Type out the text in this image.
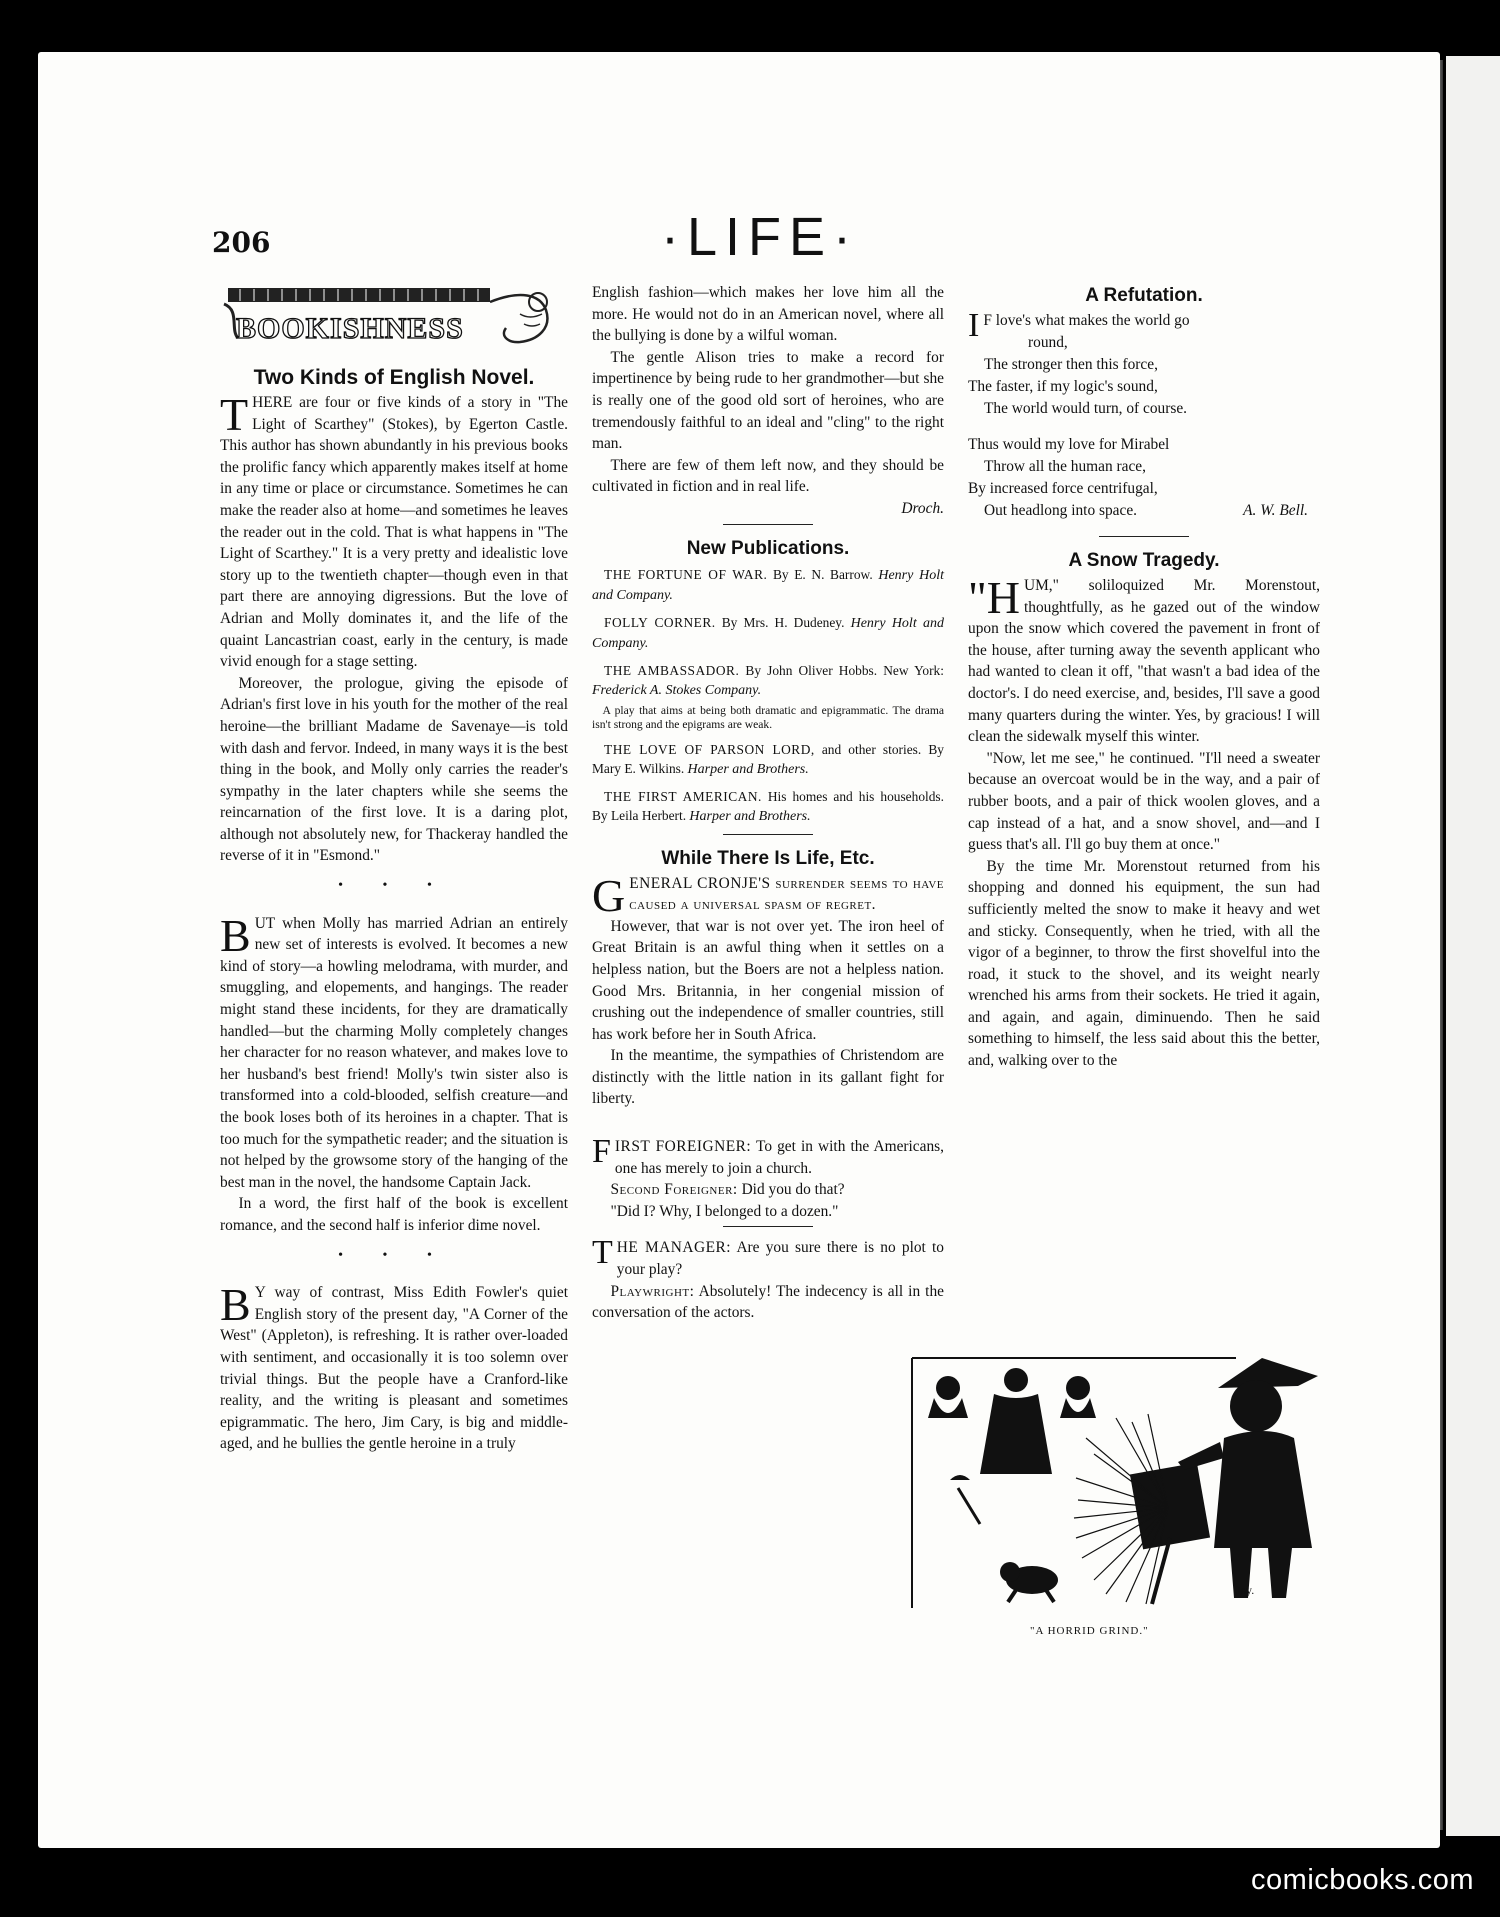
206	·LIFE·
BOOKISHNESS
Two Kinds of English Novel.

THERE are four or five kinds of a story in "The Light of Scarthey" (Stokes), by Egerton Castle. This author has shown abundantly in his previous books the prolific fancy which apparently makes itself at home in any time or place or circumstance. Sometimes he can make the reader also at home—and sometimes he leaves the reader out in the cold. That is what happens in "The Light of Scarthey." It is a very pretty and idealistic love story up to the twentieth chapter—though even in that part there are annoying digressions. But the love of Adrian and Molly dominates it, and the life of the quaint Lancastrian coast, early in the century, is made vivid enough for a stage setting.

Moreover, the prologue, giving the episode of Adrian's first love in his youth for the mother of the real heroine—the brilliant Madame de Savenaye—is told with dash and fervor. Indeed, in many ways it is the best thing in the book, and Molly only carries the reader's sympathy in the later chapters while she seems the reincarnation of the first love. It is a daring plot, although not absolutely new, for Thackeray handled the reverse of it in "Esmond."

• • •

BUT when Molly has married Adrian an entirely new set of interests is evolved. It becomes a new kind of story—a howling melodrama, with murder, and smuggling, and elopements, and hangings. The reader might stand these incidents, for they are dramatically handled—but the charming Molly completely changes her character for no reason whatever, and makes love to her husband's best friend! Molly's twin sister also is transformed into a cold-blooded, selfish creature—and the book loses both of its heroines in a chapter. That is too much for the sympathetic reader; and the situation is not helped by the growsome story of the hanging of the best man in the novel, the handsome Captain Jack.

In a word, the first half of the book is excellent romance, and the second half is inferior dime novel.

• • •

B Y way of contrast, Miss Edith Fowler's quiet English story of the present day, "A Corner of the West" (Appleton), is refreshing. It is rather over-loaded with sentiment, and occasionally it is too solemn over trivial things. But the people have a Cranford-like reality, and the writing is pleasant and sometimes epigrammatic. The hero, Jim Cary, is big and middle-aged, and he bullies the gentle heroine in a truly

English fashion—which makes her love him all the more. He would not do in an American novel, where all the bullying is done by a wilful woman.

The gentle Alison tries to make a record for impertinence by being rude to her grandmother—but she is really one of the good old sort of heroines, who are tremendously faithful to an ideal and "cling" to the right man.

There are few of them left now, and they should be cultivated in fiction and in real life.

Droch.
New Publications.
THE FORTUNE OF WAR. By E. N. Barrow. Henry Holt and Company.
FOLLY CORNER. By Mrs. H. Dudeney. Henry Holt and Company.
THE AMBASSADOR. By John Oliver Hobbs. New York: Frederick A. Stokes Company.
A play that aims at being both dramatic and epigrammatic. The drama isn't strong and the epigrams are weak.
THE LOVE OF PARSON LORD, and other stories. By Mary E. Wilkins. Harper and Brothers.
THE FIRST AMERICAN. His homes and his households. By Leila Herbert. Harper and Brothers.
While There Is Life, Etc.

GENERAL CRONJE'S surrender seems to have caused a universal spasm of regret.

However, that war is not over yet. The iron heel of Great Britain is an awful thing when it settles on a helpless nation, but the Boers are not a helpless nation. Good Mrs. Britannia, in her congenial mission of crushing out the independence of smaller countries, still has work before her in South Africa.

In the meantime, the sympathies of Christendom are distinctly with the little nation in its gallant fight for liberty.

FIRST FOREIGNER: To get in with the Americans, one has merely to join a church.

Second Foreigner: Did you do that?

"Did I? Why, I belonged to a dozen."

THE MANAGER: Are you sure there is no plot to your play?

Playwright: Absolutely! The indecency is all in the conversation of the actors.

A Refutation.
I F love's what makes the world go
round,
The stronger then this force,
The faster, if my logic's sound,
The world would turn, of course.
Thus would my love for Mirabel
Throw all the human race,
By increased force centrifugal,
Out headlong into space.	A. W. Bell.
A Snow Tragedy.

"HUM," soliloquized Mr. Morenstout, thoughtfully, as he gazed out of the window upon the snow which covered the pavement in front of the house, after turning away the seventh applicant who had wanted to clean it off, "that wasn't a bad idea of the doctor's. I do need exercise, and, besides, I'll save a good many quarters during the winter. Yes, by gracious! I will clean the sidewalk myself this winter.

"Now, let me see," he continued. "I'll need a sweater because an overcoat would be in the way, and a pair of rubber boots, and a pair of thick woolen gloves, and a cap instead of a hat, and a snow shovel, and—and I guess that's all. I'll go buy them at once."

By the time Mr. Morenstout returned from his shopping and donned his equipment, the sun had sufficiently melted the snow to make it heavy and wet and sticky. Consequently, when he tried, with all the vigor of a beginner, to throw the first shovelful into the road, it stuck to the shovel, and its weight nearly wrenched his arms from their sockets. He tried it again, and again, and again, diminuendo. Then he said something to himself, the less said about this the better, and, walking over to the

Jay.
"A HORRID GRIND."
comicbooks.com
